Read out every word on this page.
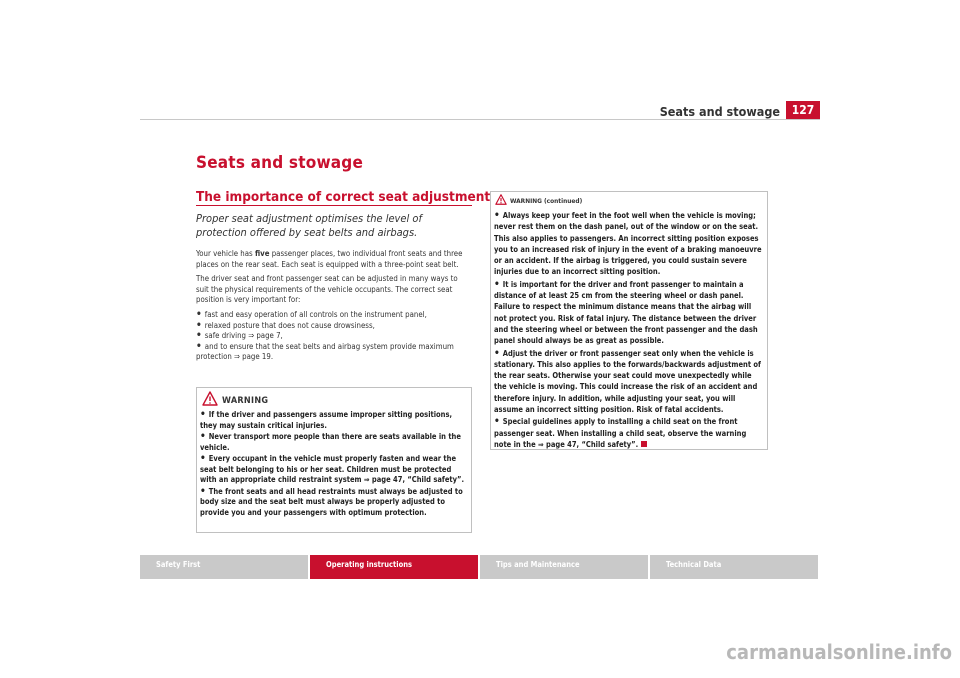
Seats and stowage 127
Seats and stowage
The importance of correct seat adjustment
Proper seat adjustment optimises the level of protection offered by seat belts and airbags.

Your vehicle has five passenger places, two individual front seats and three places on the rear seat. Each seat is equipped with a three-point seat belt.

The driver seat and front passenger seat can be adjusted in many ways to suit the physical requirements of the vehicle occupants. The correct seat position is very important for:

• fast and easy operation of all controls on the instrument panel,
• relaxed posture that does not cause drowsiness,
• safe driving ⇒ page 7,
• and to ensure that the seat belts and airbag system provide maximum protection ⇒ page 19.
WARNING

• If the driver and passengers assume improper sitting positions, they may sustain critical injuries.

• Never transport more people than there are seats available in the vehicle.

• Every occupant in the vehicle must properly fasten and wear the seat belt belonging to his or her seat. Children must be protected with an appropriate child restraint system ⇒ page 47, “Child safety”.

• The front seats and all head restraints must always be adjusted to body size and the seat belt must always be properly adjusted to provide you and your passengers with optimum protection.

WARNING (continued)

• Always keep your feet in the foot well when the vehicle is moving; never rest them on the dash panel, out of the window or on the seat. This also applies to passengers. An incorrect sitting position exposes you to an increased risk of injury in the event of a braking manoeuvre or an accident. If the airbag is triggered, you could sustain severe injuries due to an incorrect sitting position.

• It is important for the driver and front passenger to maintain a distance of at least 25 cm from the steering wheel or dash panel. Failure to respect the minimum distance means that the airbag will not protect you. Risk of fatal injury. The distance between the driver and the steering wheel or between the front passenger and the dash panel should always be as great as possible.

• Adjust the driver or front passenger seat only when the vehicle is stationary. This also applies to the forwards/backwards adjustment of the rear seats. Otherwise your seat could move unexpectedly while the vehicle is moving. This could increase the risk of an accident and therefore injury. In addition, while adjusting your seat, you will assume an incorrect sitting position. Risk of fatal accidents.

• Special guidelines apply to installing a child seat on the front passenger seat. When installing a child seat, observe the warning note in the ⇒ page 47, “Child safety”.

Safety First	Operating instructions	Tips and Maintenance	Technical Data
carmanualsonline.info
